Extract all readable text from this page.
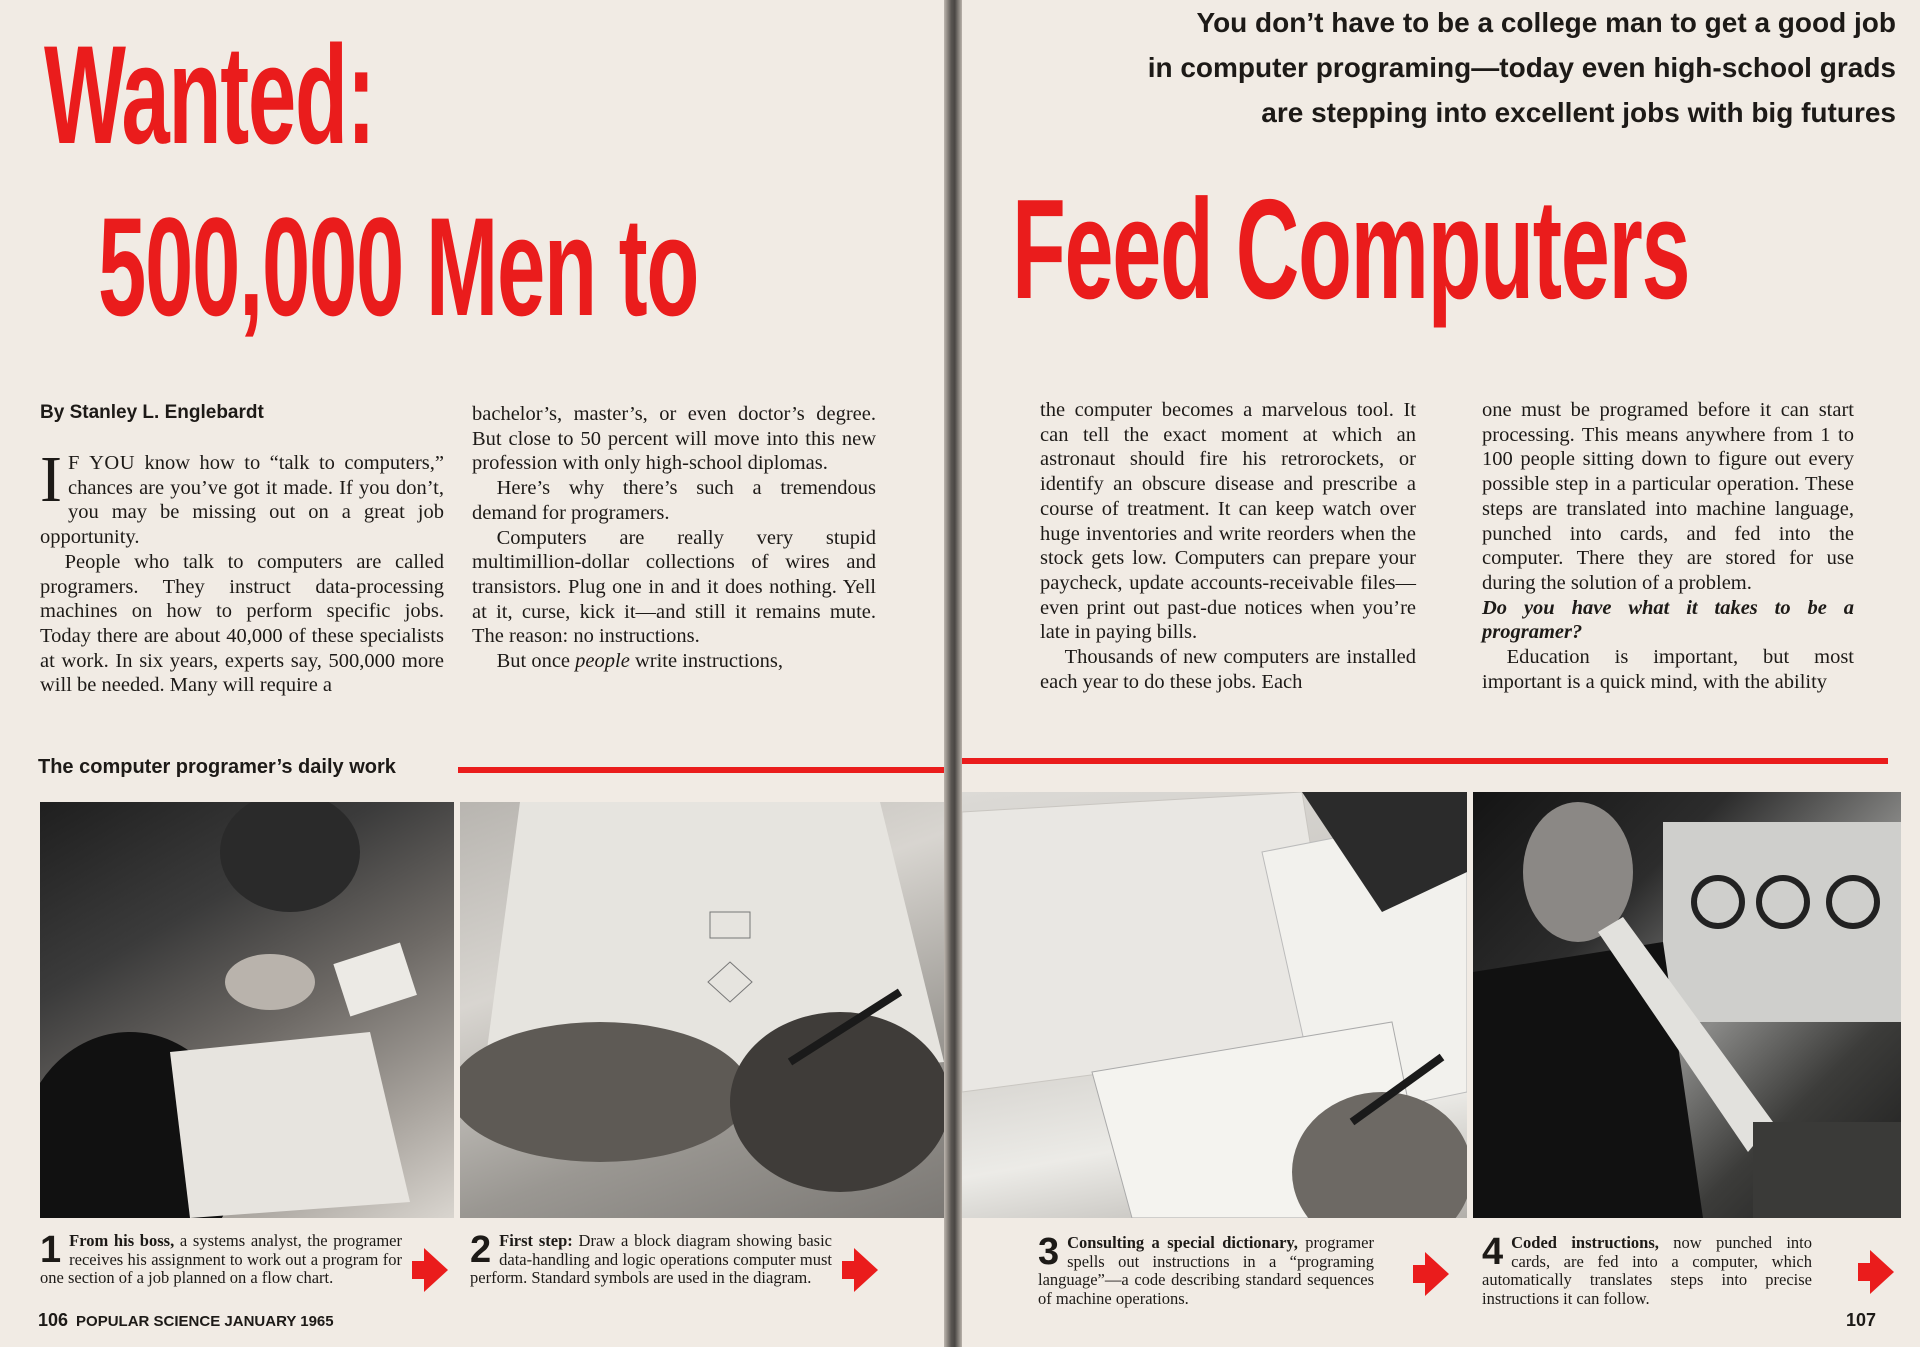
Wanted:
500,000 Men to

By Stanley L. Englebardt

I F YOU know how to “talk to computers,” chances are you’ve got it made. If you don’t, you may be missing out on a great job opportunity.

People who talk to computers are called programers. They instruct data-processing machines on how to perform specific jobs. Today there are about 40,000 of these specialists at work. In six years, experts say, 500,000 more will be needed. Many will require a

bachelor’s, master’s, or even doctor’s degree. But close to 50 percent will move into this new profession with only high-school diplomas.

Here’s why there’s such a tremendous demand for programers.

Computers are really very stupid multimillion-dollar collections of wires and transistors. Plug one in and it does nothing. Yell at it, curse, kick it—and still it remains mute. The reason: no instructions.

But once people write instructions,

The computer programer’s daily work
1 From his boss, a systems analyst, the programer receives his assignment to work out a program for one section of a job planned on a flow chart.
2 First step: Draw a block diagram showing basic data-handling and logic operations computer must perform. Standard symbols are used in the diagram.

106 POPULAR SCIENCE JANUARY 1965

You don’t have to be a college man to get a good job
in computer programing—today even high-school grads
are stepping into excellent jobs with big futures
Feed Computers

the computer becomes a marvelous tool. It can tell the exact moment at which an astronaut should fire his retrorockets, or identify an obscure disease and prescribe a course of treatment. It can keep watch over huge inventories and write reorders when the stock gets low. Computers can prepare your paycheck, update accounts-receivable files—even print out past-due notices when you’re late in paying bills.

Thousands of new computers are installed each year to do these jobs. Each

one must be programed before it can start processing. This means anywhere from 1 to 100 people sitting down to figure out every possible step in a particular operation. These steps are translated into machine language, punched into cards, and fed into the computer. There they are stored for use during the solution of a problem.

Do you have what it takes to be a programer?

Education is important, but most important is a quick mind, with the ability

3 Consulting a special dictionary, programer spells out instructions in a “programing language”—a code describing standard sequences of machine operations.
4 Coded instructions, now punched into cards, are fed into a computer, which automatically translates steps into precise instructions it can follow.

107
